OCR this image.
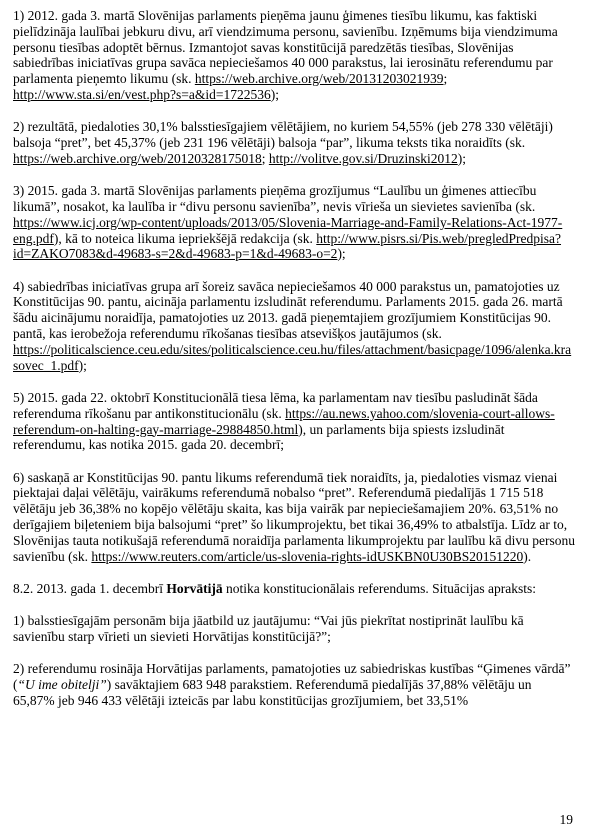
1) 2012. gada 3. martā Slovēnijas parlaments pieņēma jaunu ģimenes tiesību likumu, kas faktiski pielīdzināja laulībai jebkuru divu, arī viendzimuma personu, savienību. Izņēmums bija viendzimuma personu tiesības adoptēt bērnus. Izmantojot savas konstitūcijā paredzētās tiesības, Slovēnijas sabiedrības iniciatīvas grupa savāca nepieciešamos 40 000 parakstus, lai ierosinātu referendumu par parlamenta pieņemto likumu (sk. https://web.archive.org/web/20131203021939; http://www.sta.si/en/vest.php?s=a&id=1722536);

2) rezultātā, piedaloties 30,1% balsstiesīgajiem vēlētājiem, no kuriem 54,55% (jeb 278 330 vēlētāji) balsoja “pret”, bet 45,37% (jeb 231 196 vēlētāji) balsoja “par”, likuma teksts tika noraidīts (sk. https://web.archive.org/web/20120328175018; http://volitve.gov.si/Druzinski2012);

3) 2015. gada 3. martā Slovēnijas parlaments pieņēma grozījumus “Laulību un ģimenes attiecību likumā”, nosakot, ka laulība ir “divu personu savienība”, nevis vīrieša un sievietes savienība (sk. https://www.icj.org/wp-content/uploads/2013/05/Slovenia-Marriage-and-Family-Relations-Act-1977-eng.pdf), kā to noteica likuma iepriekšējā redakcija (sk. http://www.pisrs.si/Pis.web/pregledPredpisa?id=ZAKO7083&d-49683-s=2&d-49683-p=1&d-49683-o=2);

4) sabiedrības iniciatīvas grupa arī šoreiz savāca nepieciešamos 40 000 parakstus un, pamatojoties uz Konstitūcijas 90. pantu, aicināja parlamentu izsludināt referendumu. Parlaments 2015. gada 26. martā šādu aicinājumu noraidīja, pamatojoties uz 2013. gadā pieņemtajiem grozījumiem Konstitūcijas 90. pantā, kas ierobežoja referendumu rīkošanas tiesības atsevišķos jautājumos (sk. https://politicalscience.ceu.edu/sites/politicalscience.ceu.hu/files/attachment/basicpage/1096/alenka.krasovec_1.pdf);

5) 2015. gada 22. oktobrī Konstitucionālā tiesa lēma, ka parlamentam nav tiesību pasludināt šāda referenduma rīkošanu par antikonstitucionālu (sk. https://au.news.yahoo.com/slovenia-court-allows-referendum-on-halting-gay-marriage-29884850.html), un parlaments bija spiests izsludināt referendumu, kas notika 2015. gada 20. decembrī;

6) saskaņā ar Konstitūcijas 90. pantu likums referendumā tiek noraidīts, ja, piedaloties vismaz vienai piektajai daļai vēlētāju, vairākums referendumā nobalso “pret”. Referendumā piedalījās 1 715 518 vēlētāju jeb 36,38% no kopējo vēlētāju skaita, kas bija vairāk par nepieciešamajiem 20%. 63,51% no derīgajiem biļeteniem bija balsojumi “pret” šo likumprojektu, bet tikai 36,49% to atbalstīja. Līdz ar to, Slovēnijas tauta notikušajā referendumā noraidīja parlamenta likumprojektu par laulību kā divu personu savienību (sk. https://www.reuters.com/article/us-slovenia-rights-idUSKBN0U30BS20151220).

8.2. 2013. gada 1. decembrī Horvātijā notika konstitucionālais referendums. Situācijas apraksts:

1) balsstiesīgajām personām bija jāatbild uz jautājumu: “Vai jūs piekrītat nostiprināt laulību kā savienību starp vīrieti un sievieti Horvātijas konstitūcijā?”;

2) referendumu rosināja Horvātijas parlaments, pamatojoties uz sabiedriskas kustības “Ģimenes vārdā” (“U ime obitelji”) savāktajiem 683 948 parakstiem. Referendumā piedalījās 37,88% vēlētāju un 65,87% jeb 946 433 vēlētāji izteicās par labu konstitūcijas grozījumiem, bet 33,51%

19
